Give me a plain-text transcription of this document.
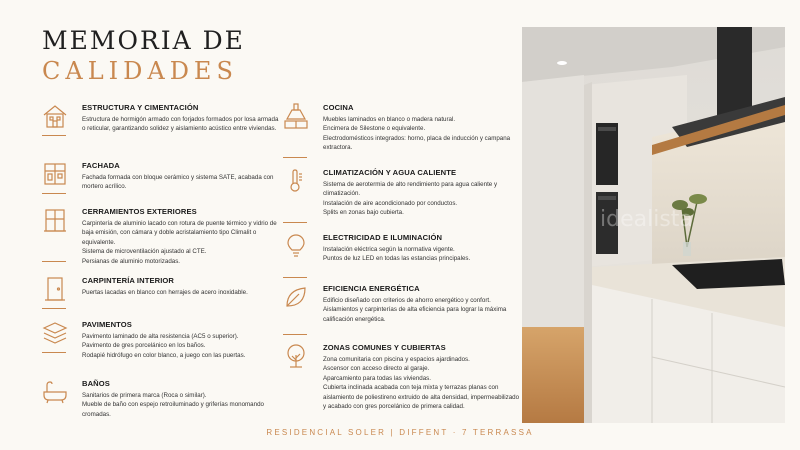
MEMORIA DE
CALIDADES
ESTRUCTURA Y CIMENTACIÓN
Estructura de hormigón armado con forjados formados por losa armada o reticular, garantizando solidez y aislamiento acústico entre viviendas.
FACHADA
Fachada formada con bloque cerámico y sistema SATE, acabada con mortero acrílico.
CERRAMIENTOS EXTERIORES
Carpintería de aluminio lacado con rotura de puente térmico y vidrio de baja emisión, con cámara y doble acristalamiento tipo Climalit o equivalente.
Sistema de microventilación ajustado al CTE.
Persianas de aluminio motorizadas.
CARPINTERÍA INTERIOR
Puertas lacadas en blanco con herrajes de acero inoxidable.
PAVIMENTOS
Pavimento laminado de alta resistencia (AC5 o superior).
Pavimento de gres porcelánico en los baños.
Rodapié hidrófugo en color blanco, a juego con las puertas.
BAÑOS
Sanitarios de primera marca (Roca o similar).
Mueble de baño con espejo retroiluminado y griferías monomando cromadas.
COCINA
Muebles laminados en blanco o madera natural.
Encimera de Silestone o equivalente.
Electrodomésticos integrados: horno, placa de inducción y campana extractora.
CLIMATIZACIÓN Y AGUA CALIENTE
Sistema de aerotermia de alto rendimiento para agua caliente y climatización.
Instalación de aire acondicionado por conductos.
Splits en zonas bajo cubierta.
ELECTRICIDAD E ILUMINACIÓN
Instalación eléctrica según la normativa vigente.
Puntos de luz LED en todas las estancias principales.
EFICIENCIA ENERGÉTICA
Edificio diseñado con criterios de ahorro energético y confort.
Aislamientos y carpinterías de alta eficiencia para lograr la máxima calificación energética.
ZONAS COMUNES Y CUBIERTAS
Zona comunitaria con piscina y espacios ajardinados.
Ascensor con acceso directo al garaje.
Aparcamiento para todas las viviendas.
Cubierta inclinada acabada con teja mixta y terrazas planas con aislamiento de poliestireno extruido de alta densidad, impermeabilizado y acabado con gres porcelánico de primera calidad.
idealista
RESIDENCIAL SOLER | DIFFENT · 7 TERRASSA
